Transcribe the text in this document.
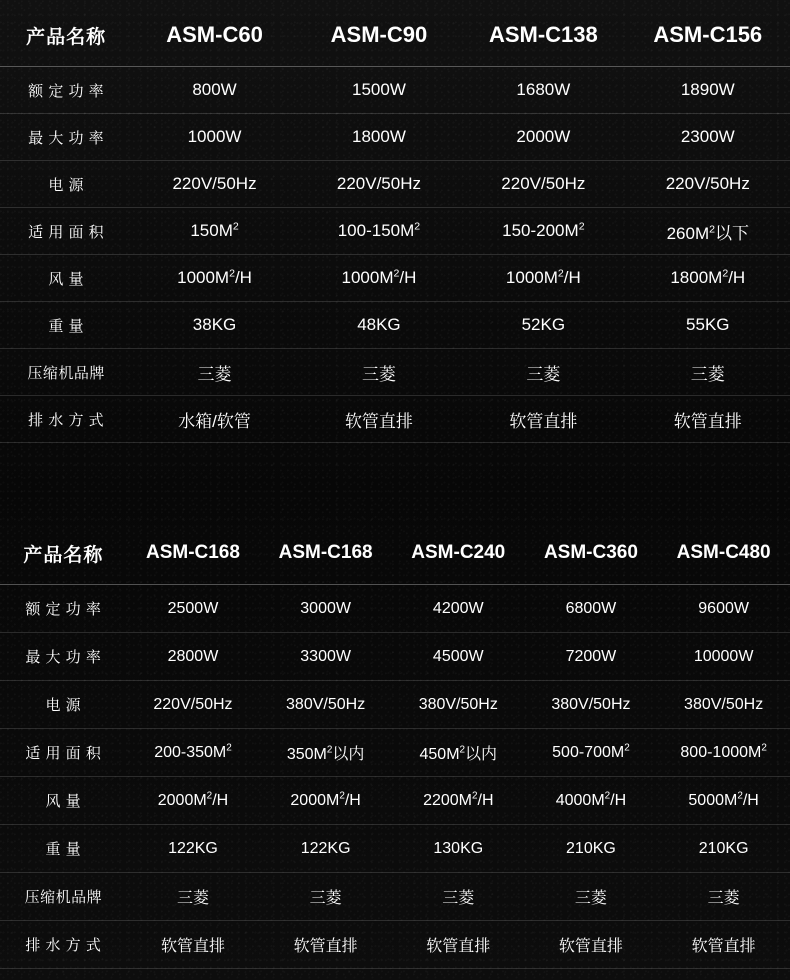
产品名称	ASM-C60	ASM-C90	ASM-C138	ASM-C156
额 定 功 率	800W	1500W	1680W	1890W
最 大 功 率	1000W	1800W	2000W	2300W
电 源	220V/50Hz	220V/50Hz	220V/50Hz	220V/50Hz
适 用 面 积	$150M^2$	$100-150M^2$	$150-200M^2$	$260M^2$以下
风 量	$1000M^2/H$	$1000M^2/H$	$1000M^2/H$	$1800M^2/H$
重 量	38KG	48KG	52KG	55KG
压缩机品牌	三菱	三菱	三菱	三菱
排 水 方 式	水箱/软管	软管直排	软管直排	软管直排
产品名称	ASM-C168	ASM-C168	ASM-C240	ASM-C360	ASM-C480
额 定 功 率	2500W	3000W	4200W	6800W	9600W
最 大 功 率	2800W	3300W	4500W	7200W	10000W
电 源	220V/50Hz	380V/50Hz	380V/50Hz	380V/50Hz	380V/50Hz
适 用 面 积	$200-350M^2$	$350M^2$以内	$450M^2$以内	$500-700M^2$	$800-1000M^2$
风 量	$2000M^2/H$	$2000M^2/H$	$2200M^2/H$	$4000M^2/H$	$5000M^2/H$
重 量	122KG	122KG	130KG	210KG	210KG
压缩机品牌	三菱	三菱	三菱	三菱	三菱
排 水 方 式	软管直排	软管直排	软管直排	软管直排	软管直排
